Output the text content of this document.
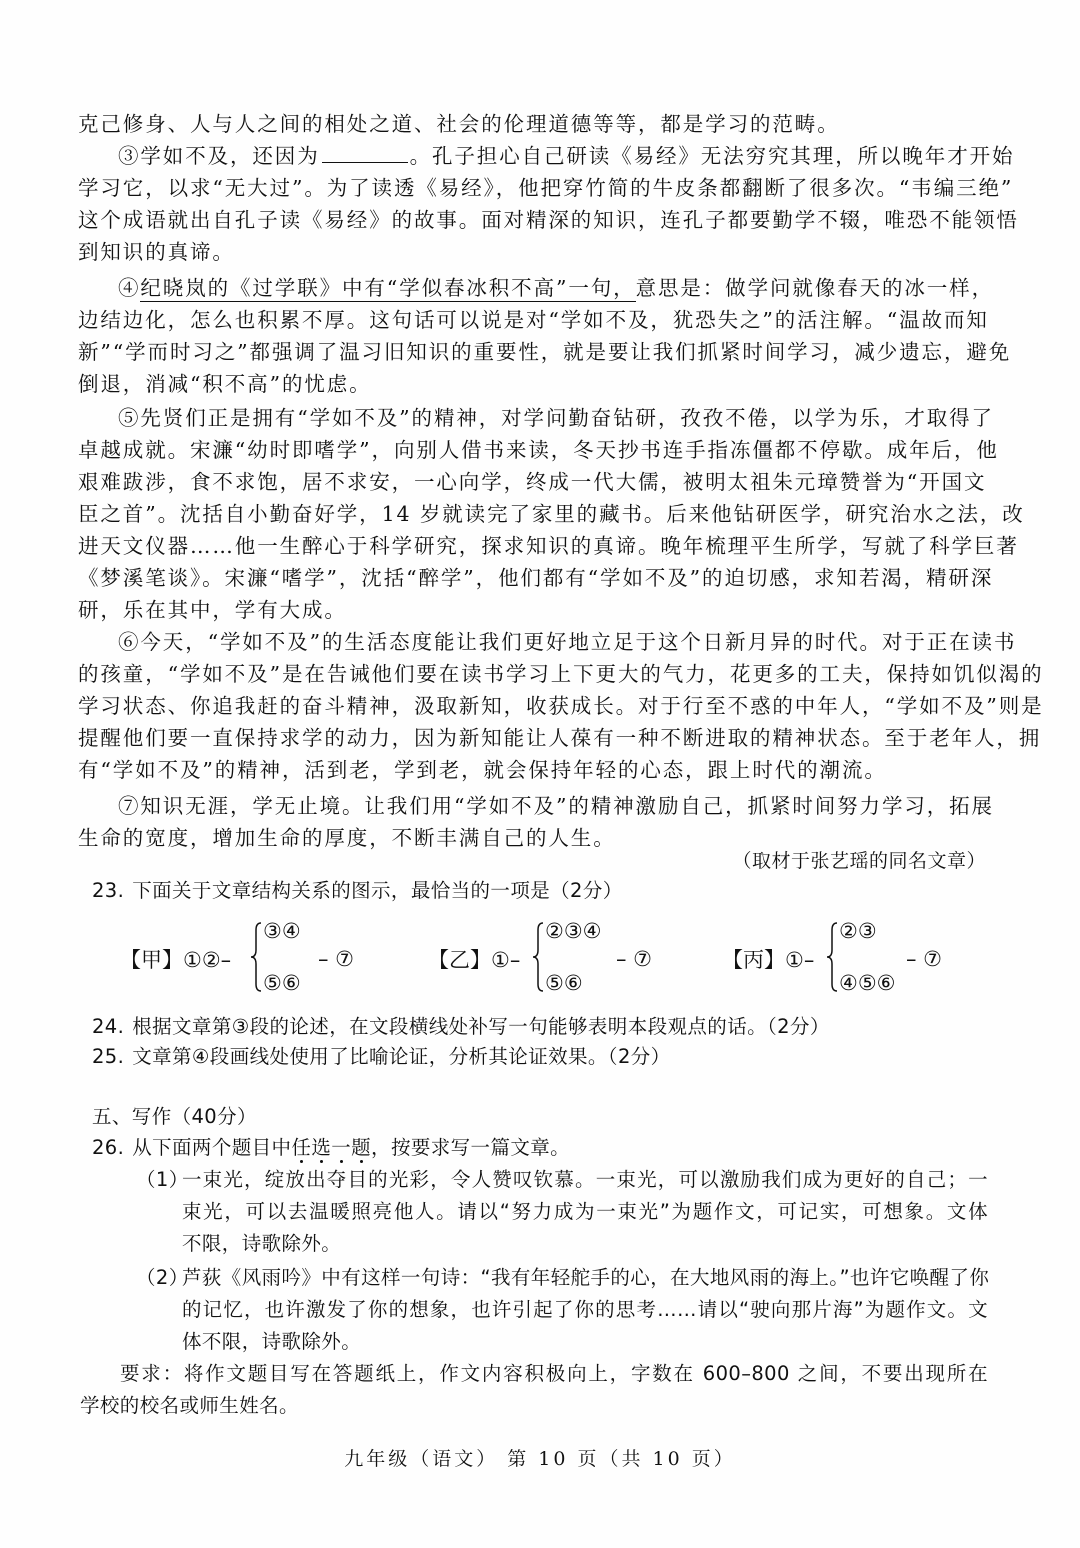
克己修身、人与人之间的相处之道、社会的伦理道德等等，都是学习的范畴。
③学如不及，还因为	。孔子担心自己研读《易经》无法穷究其理，所以晚年才开始
学习它，以求“无大过”。为了读透《易经》，他把穿竹简的牛皮条都翻断了很多次。“韦编三绝”
这个成语就出自孔子读《易经》的故事。面对精深的知识，连孔子都要勤学不辍，唯恐不能领悟
到知识的真谛。
④纪晓岚的《过学联》中有“学似春冰积不高”一句，意思是：做学问就像春天的冰一样，
边结边化，怎么也积累不厚。这句话可以说是对“学如不及，犹恐失之”的活注解。“温故而知
新”“学而时习之”都强调了温习旧知识的重要性，就是要让我们抓紧时间学习，减少遗忘，避免
倒退，消减“积不高”的忧虑。
⑤先贤们正是拥有“学如不及”的精神，对学问勤奋钻研，孜孜不倦，以学为乐，才取得了
卓越成就。宋濂“幼时即嗜学”，向别人借书来读，冬天抄书连手指冻僵都不停歇。成年后，他
艰难跋涉，食不求饱，居不求安，一心向学，终成一代大儒，被明太祖朱元璋赞誉为“开国文
臣之首”。沈括自小勤奋好学，14 岁就读完了家里的藏书。后来他钻研医学，研究治水之法，改
进天文仪器……他一生醉心于科学研究，探求知识的真谛。晚年梳理平生所学，写就了科学巨著
《梦溪笔谈》。宋濂“嗜学”，沈括“醉学”，他们都有“学如不及”的迫切感，求知若渴，精研深
研，乐在其中，学有大成。
⑥今天，“学如不及”的生活态度能让我们更好地立足于这个日新月异的时代。对于正在读书
的孩童，“学如不及”是在告诫他们要在读书学习上下更大的气力，花更多的工夫，保持如饥似渴的
学习状态、你追我赶的奋斗精神，汲取新知，收获成长。对于行至不惑的中年人，“学如不及”则是
提醒他们要一直保持求学的动力，因为新知能让人葆有一种不断进取的精神状态。至于老年人，拥
有“学如不及”的精神，活到老，学到老，就会保持年轻的心态，跟上时代的潮流。
⑦知识无涯，学无止境。让我们用“学如不及”的精神激励自己，抓紧时间努力学习，拓展
生命的宽度，增加生命的厚度，不断丰满自己的人生。
（取材于张艺瑶的同名文章）
23. 下面关于文章结构关系的图示，最恰当的一项是（2分）
【甲】①②–
③④
⑤⑥
– ⑦	【乙】①–
②③④
⑤⑥
– ⑦	【丙】①–
②③
④⑤⑥
– ⑦
24. 根据文章第③段的论述，在文段横线处补写一句能够表明本段观点的话。（2分）
25. 文章第④段画线处使用了比喻论证，分析其论证效果。（2分）
五、写作（40分）
26. 从下面两个题目中任选一题，按要求写一篇文章。
（1）
一束光，绽放出夺目的光彩，令人赞叹钦慕。一束光，可以激励我们成为更好的自己；一
束光，可以去温暖照亮他人。请以“努力成为一束光”为题作文，可记实，可想象。文体
不限，诗歌除外。
（2）
芦荻《风雨吟》中有这样一句诗：“我有年轻舵手的心，在大地风雨的海上。”也许它唤醒了你
的记忆，也许激发了你的想象，也许引起了你的思考……请以“驶向那片海”为题作文。文
体不限，诗歌除外。
要求：将作文题目写在答题纸上，作文内容积极向上，字数在 600–800 之间，不要出现所在
学校的校名或师生姓名。
九年级（语文） 第 10 页（共 10 页）
